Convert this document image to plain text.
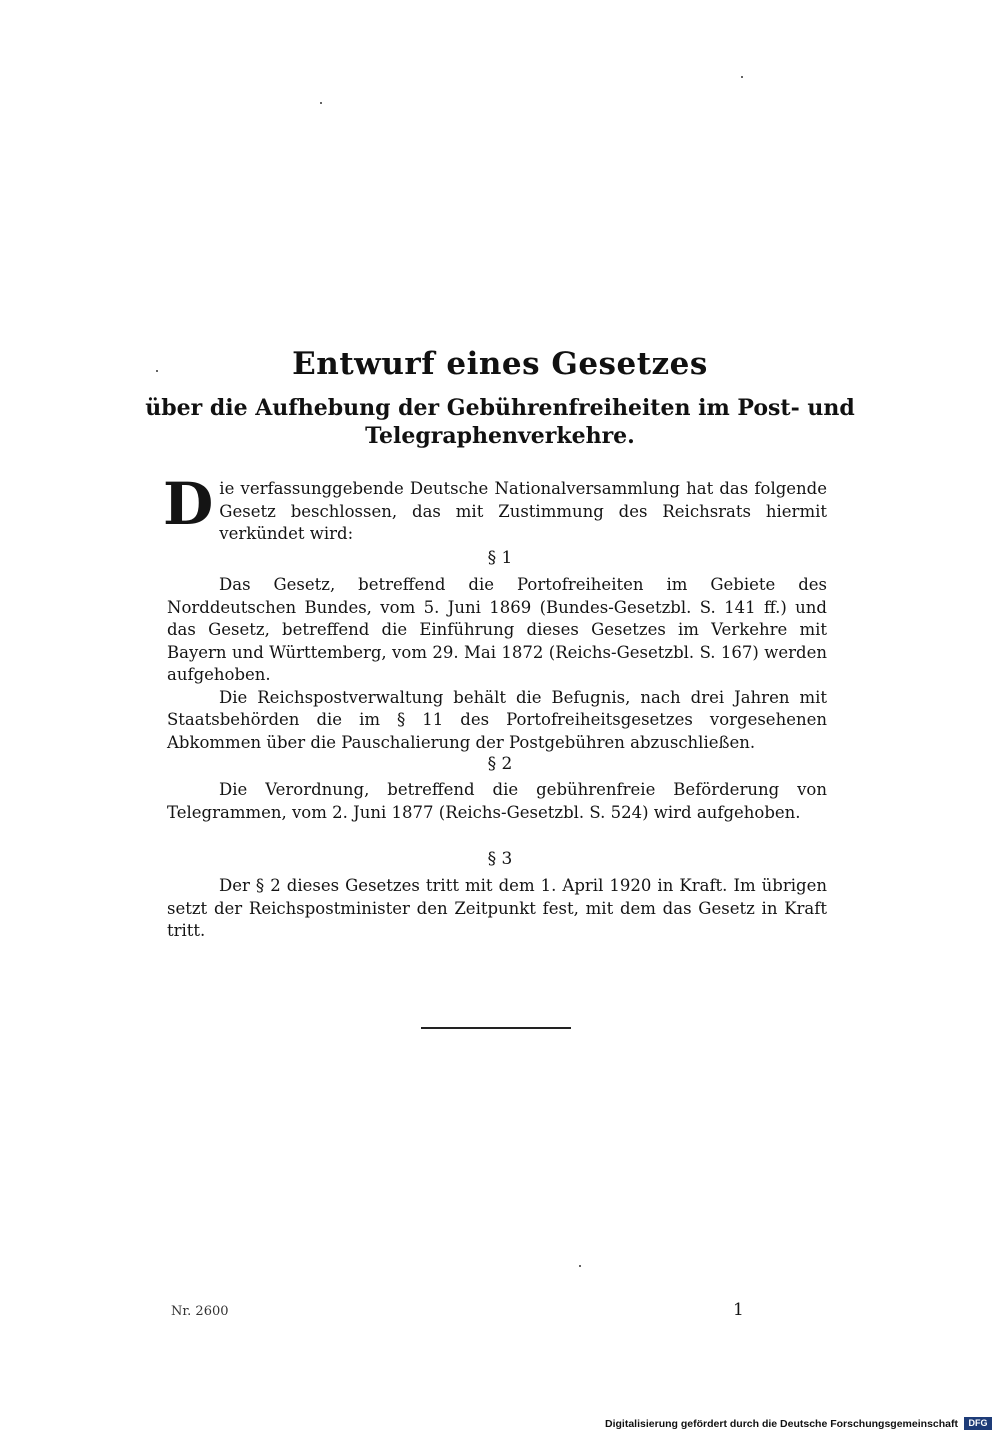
Entwurf eines Gesetzes
über die Aufhebung der Gebührenfreiheiten im Post- und
Telegraphenverkehre.
Die verfassunggebende Deutsche Nationalversammlung hat das folgende Gesetz beschlossen, das mit Zustimmung des Reichsrats hiermit verkündet wird:
§ 1

Das Gesetz, betreffend die Portofreiheiten im Gebiete des Norddeutschen Bundes, vom 5. Juni 1869 (Bundes-Gesetzbl. S. 141 ff.) und das Gesetz, betreffend die Einführung dieses Gesetzes im Verkehre mit Bayern und Württemberg, vom 29. Mai 1872 (Reichs-Gesetzbl. S. 167) werden aufgehoben.

Die Reichspostverwaltung behält die Befugnis, nach drei Jahren mit Staatsbehörden die im § 11 des Portofreiheitsgesetzes vorgesehenen Abkommen über die Pauschalierung der Postgebühren abzuschließen.

§ 2

Die Verordnung, betreffend die gebührenfreie Beförderung von Telegrammen, vom 2. Juni 1877 (Reichs-Gesetzbl. S. 524) wird aufgehoben.

§ 3

Der § 2 dieses Gesetzes tritt mit dem 1. April 1920 in Kraft. Im übrigen setzt der Reichspostminister den Zeitpunkt fest, mit dem das Gesetz in Kraft tritt.

Nr. 2600	1
Digitalisierung gefördert durch die Deutsche Forschungsgemeinschaft	DFG
